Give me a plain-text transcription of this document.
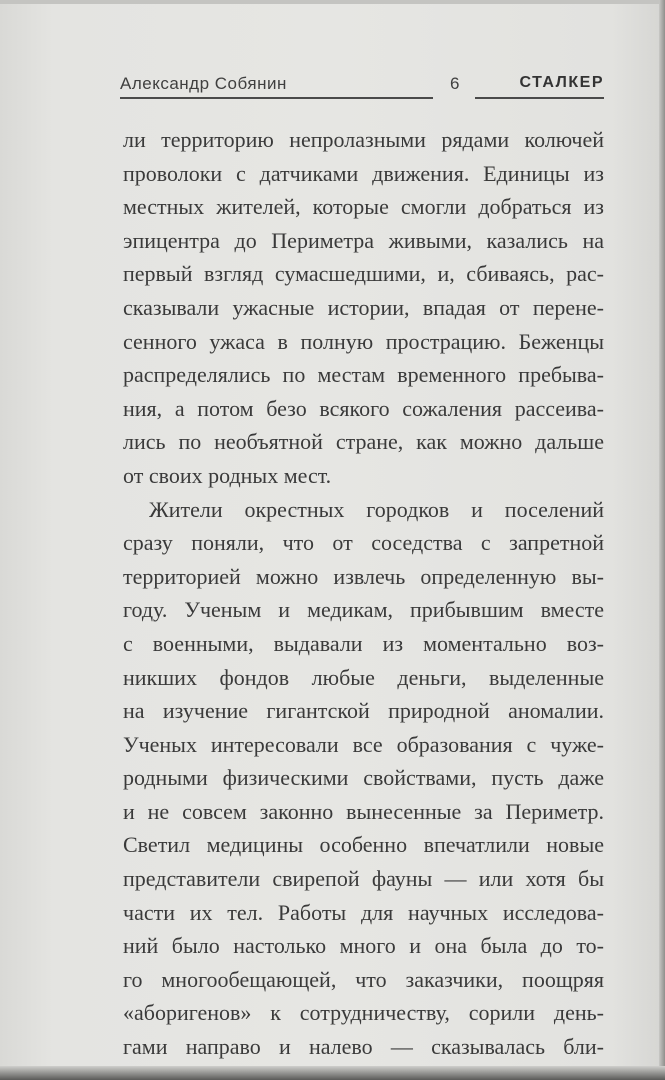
Александр Собянин	6	СТАЛКЕР
ли территорию непролазными рядами колючей
проволоки с датчиками движения. Единицы из
местных жителей, которые смогли добраться из
эпицентра до Периметра живыми, казались на
первый взгляд сумасшедшими, и, сбиваясь, рас-
сказывали ужасные истории, впадая от перене-
сенного ужаса в полную прострацию. Беженцы
распределялись по местам временного пребыва-
ния, а потом безо всякого сожаления рассеива-
лись по необъятной стране, как можно дальше
от своих родных мест.
Жители окрестных городков и поселений
сразу поняли, что от соседства с запретной
территорией можно извлечь определенную вы-
году. Ученым и медикам, прибывшим вместе
с военными, выдавали из моментально воз-
никших фондов любые деньги, выделенные
на изучение гигантской природной аномалии.
Ученых интересовали все образования с чуже-
родными физическими свойствами, пусть даже
и не совсем законно вынесенные за Периметр.
Светил медицины особенно впечатлили новые
представители свирепой фауны — или хотя бы
части их тел. Работы для научных исследова-
ний было настолько много и она была до то-
го многообещающей, что заказчики, поощряя
«аборигенов» к сотрудничеству, сорили день-
гами направо и налево — сказывалась бли-
